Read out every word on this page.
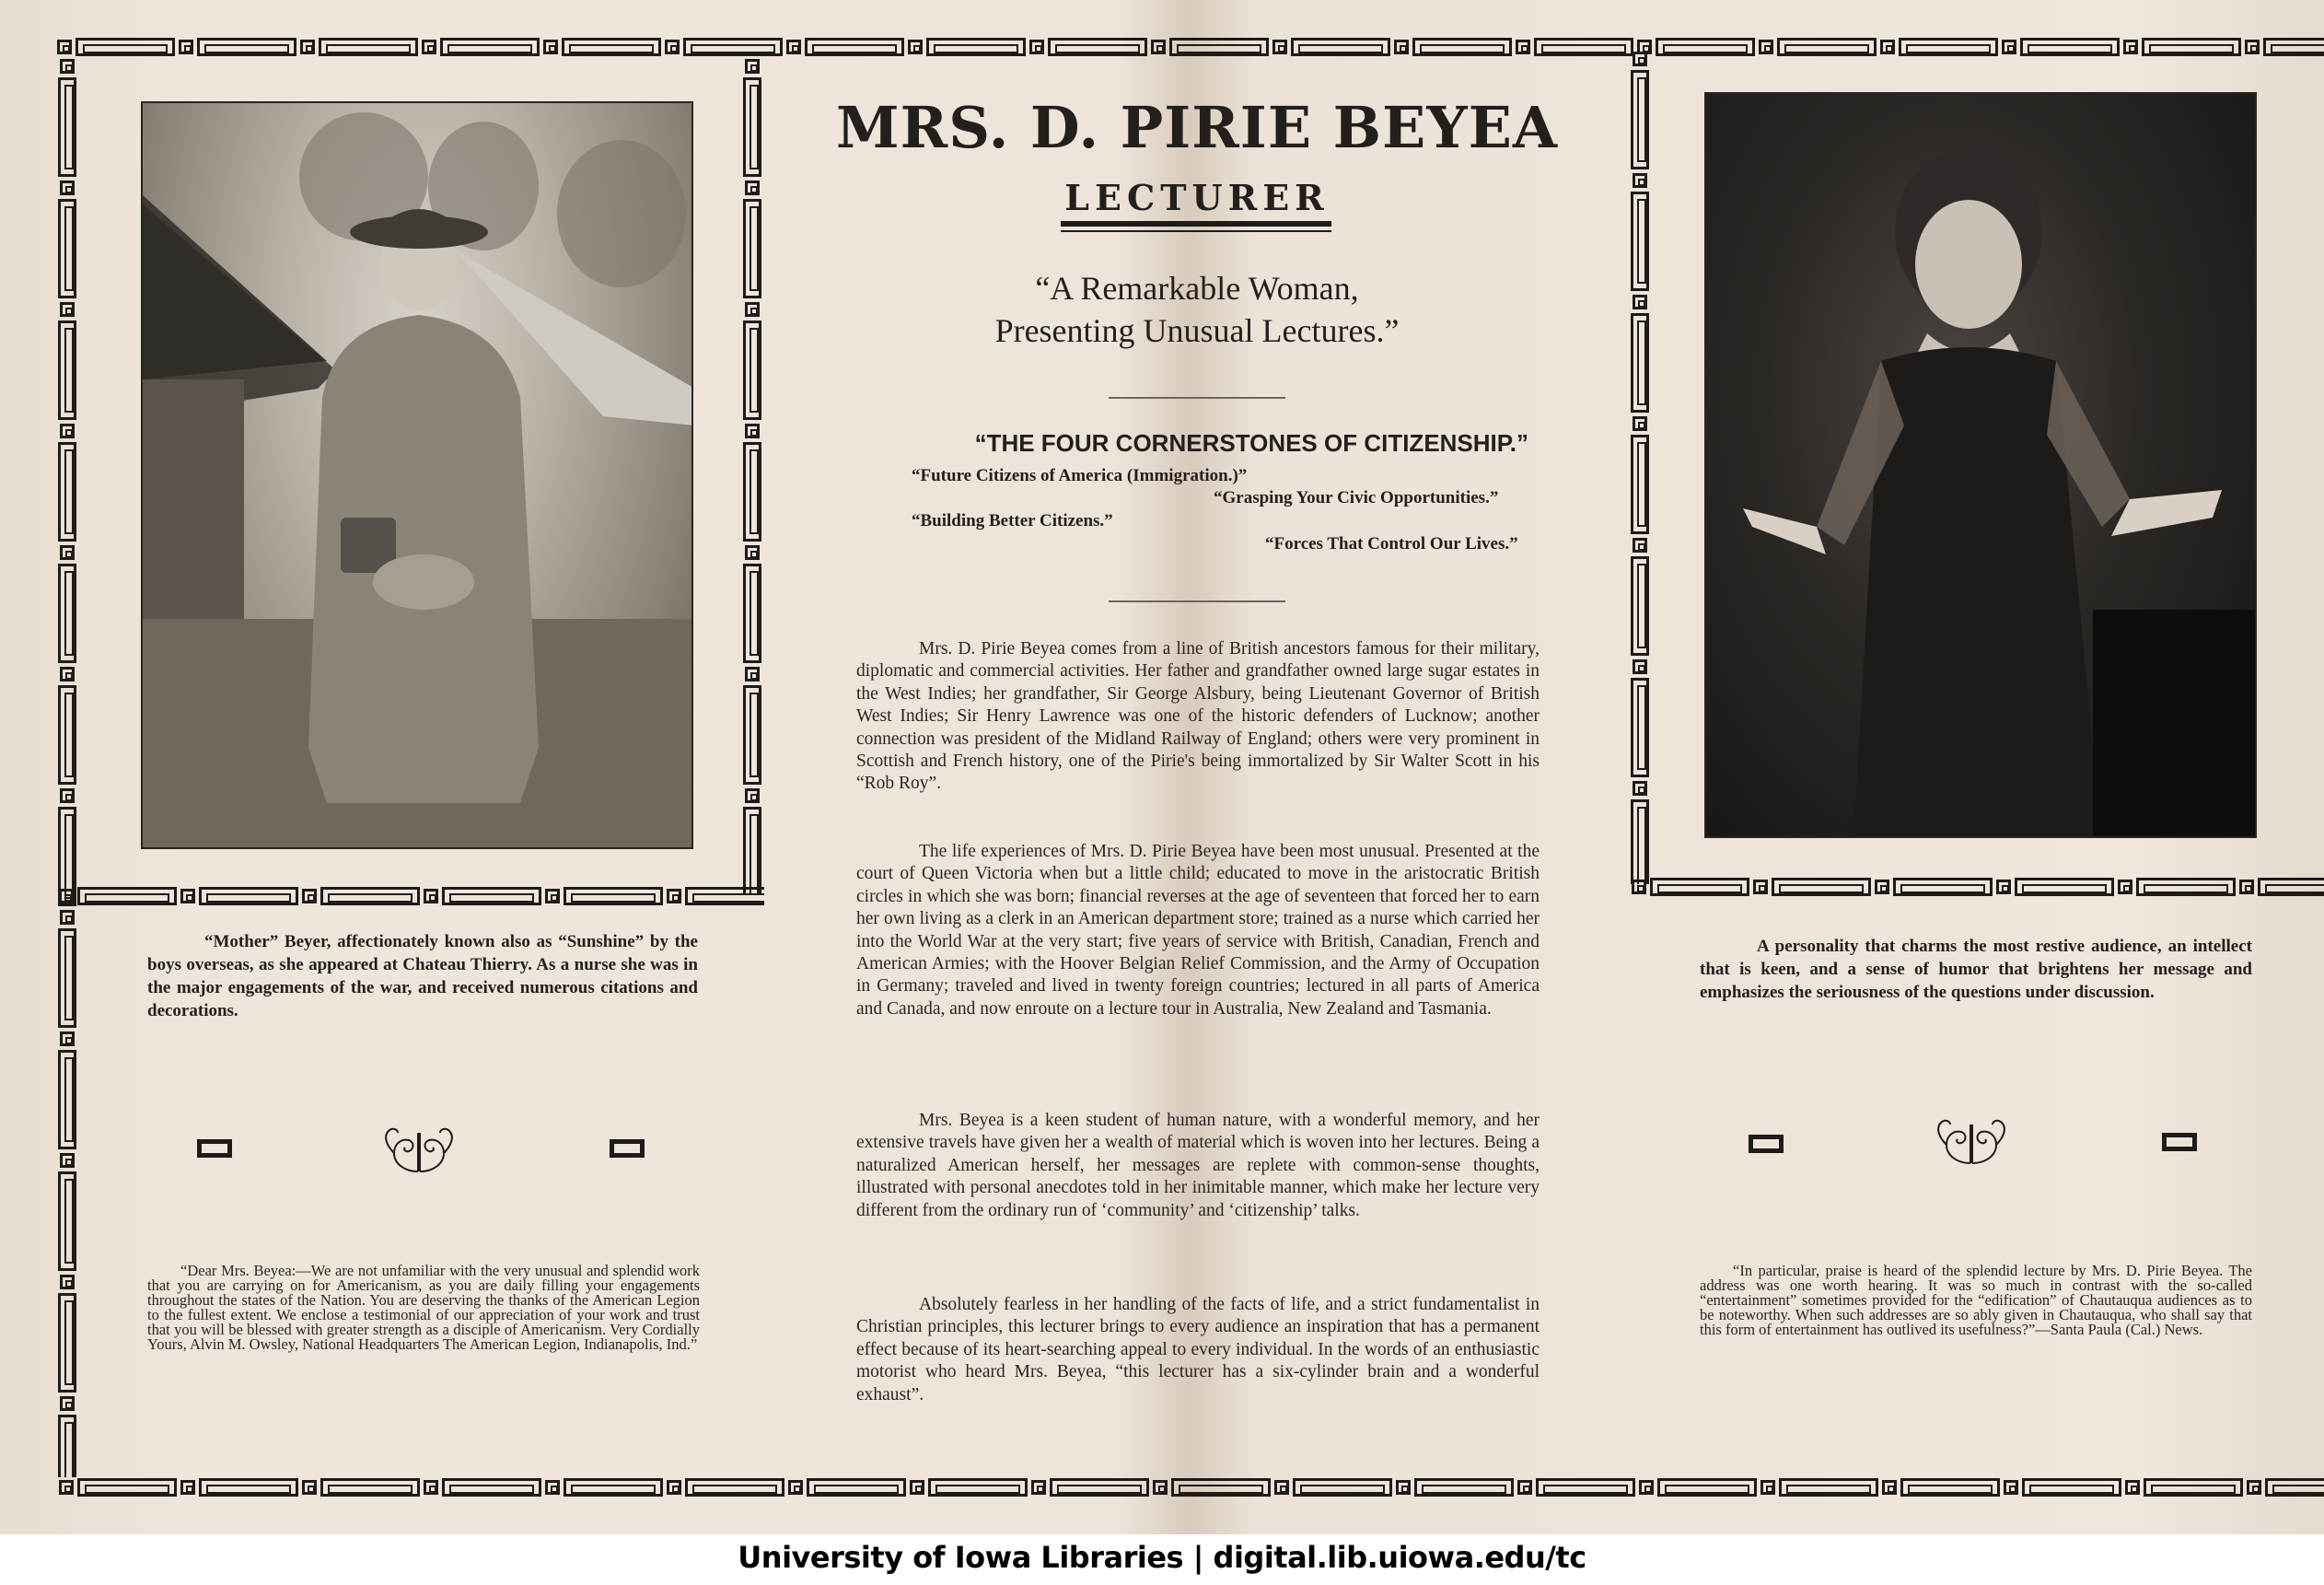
MRS. D. PIRIE BEYEA
LECTURER
“A Remarkable Woman,
Presenting Unusual Lectures.”
“THE FOUR CORNERSTONES OF CITIZENSHIP.”
“Future Citizens of America (Immigration.)”
“Grasping Your Civic Opportunities.”
“Building Better Citizens.”
“Forces That Control Our Lives.”
Mrs. D. Pirie Beyea comes from a line of British ancestors famous for their military, diplomatic and commercial activities. Her father and grandfather owned large sugar estates in the West Indies; her grandfather, Sir George Alsbury, being Lieutenant Governor of British West Indies; Sir Henry Lawrence was one of the historic defenders of Lucknow; another connection was president of the Midland Railway of England; others were very prominent in Scottish and French history, one of the Pirie's being immortalized by Sir Walter Scott in his “Rob Roy”.
The life experiences of Mrs. D. Pirie Beyea have been most unusual. Presented at the court of Queen Victoria when but a little child; educated to move in the aristocratic British circles in which she was born; financial reverses at the age of seventeen that forced her to earn her own living as a clerk in an American department store; trained as a nurse which carried her into the World War at the very start; five years of service with British, Canadian, French and American Armies; with the Hoover Belgian Relief Commission, and the Army of Occupation in Germany; traveled and lived in twenty foreign countries; lectured in all parts of America and Canada, and now enroute on a lecture tour in Australia, New Zealand and Tasmania.
Mrs. Beyea is a keen student of human nature, with a wonderful memory, and her extensive travels have given her a wealth of material which is woven into her lectures. Being a naturalized American herself, her messages are replete with common-sense thoughts, illustrated with personal anecdotes told in her inimitable manner, which make her lecture very different from the ordinary run of ‘community’ and ‘citizenship’ talks.
Absolutely fearless in her handling of the facts of life, and a strict fundamentalist in Christian principles, this lecturer brings to every audience an inspiration that has a permanent effect because of its heart-searching appeal to every individual. In the words of an enthusiastic motorist who heard Mrs. Beyea, “this lecturer has a six-cylinder brain and a wonderful exhaust”.
“Mother” Beyer, affectionately known also as “Sunshine” by the boys overseas, as she appeared at Chateau Thierry. As a nurse she was in the major engagements of the war, and received numerous citations and decorations.
“Dear Mrs. Beyea:—We are not unfamiliar with the very unusual and splendid work that you are carrying on for Americanism, as you are daily filling your engagements throughout the states of the Nation. You are deserving the thanks of the American Legion to the fullest extent. We enclose a testimonial of our appreciation of your work and trust that you will be blessed with greater strength as a disciple of Americanism. Very Cordially Yours, Alvin M. Owsley, National Headquarters The American Legion, Indianapolis, Ind.”
A personality that charms the most restive audience, an intellect that is keen, and a sense of humor that brightens her message and emphasizes the seriousness of the questions under discussion.
“In particular, praise is heard of the splendid lecture by Mrs. D. Pirie Beyea. The address was one worth hearing. It was so much in contrast with the so-called “entertainment” sometimes provided for the “edification” of Chautauqua audiences as to be noteworthy. When such addresses are so ably given in Chautauqua, who shall say that this form of entertainment has outlived its usefulness?”—Santa Paula (Cal.) News.
University of Iowa Libraries | digital.lib.uiowa.edu/tc
